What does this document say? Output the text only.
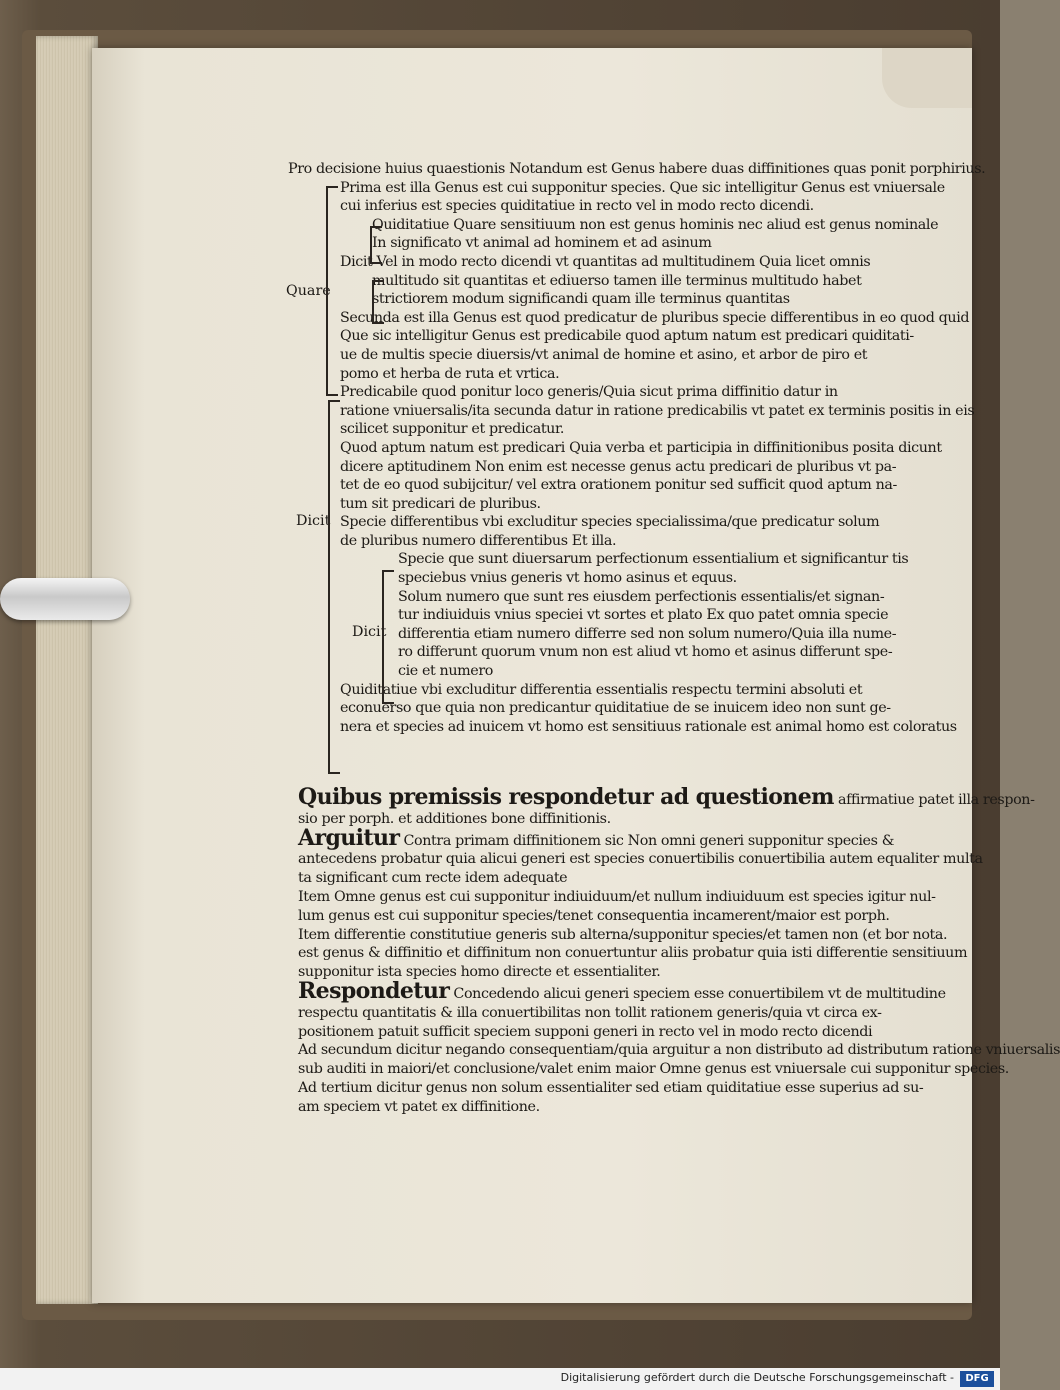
Pro decisione huius quaestionis Notandum est Genus habere duas diffinitiones quas ponit porphirius.
Prima est illa Genus est cui supponitur species. Que sic intelligitur Genus est vniuersale
cui inferius est species quiditatiue in recto vel in modo recto dicendi.
Quiditatiue Quare sensitiuum non est genus hominis nec aliud est genus nominale
In significato vt animal ad hominem et ad asinum
Dicit Vel in modo recto dicendi vt quantitas ad multitudinem Quia licet omnis
multitudo sit quantitas et ediuerso tamen ille terminus multitudo habet
strictiorem modum significandi quam ille terminus quantitas
Secunda est illa Genus est quod predicatur de pluribus specie differentibus in eo quod quid
Que sic intelligitur Genus est predicabile quod aptum natum est predicari quiditati-
ue de multis specie diuersis/vt animal de homine et asino, et arbor de piro et
pomo et herba de ruta et vrtica.
Predicabile quod ponitur loco generis/Quia sicut prima diffinitio datur in
ratione vniuersalis/ita secunda datur in ratione predicabilis vt patet ex terminis positis in eis
scilicet supponitur et predicatur.
Quod aptum natum est predicari Quia verba et participia in diffinitionibus posita dicunt
dicere aptitudinem Non enim est necesse genus actu predicari de pluribus vt pa-
tet de eo quod subijcitur/ vel extra orationem ponitur sed sufficit quod aptum na-
tum sit predicari de pluribus.
Specie differentibus vbi excluditur species specialissima/que predicatur solum
de pluribus numero differentibus Et illa.
Specie que sunt diuersarum perfectionum essentialium et significantur tis
speciebus vnius generis vt homo asinus et equus.
Solum numero que sunt res eiusdem perfectionis essentialis/et signan-
tur indiuiduis vnius speciei vt sortes et plato Ex quo patet omnia specie
differentia etiam numero differre sed non solum numero/Quia illa nume-
ro differunt quorum vnum non est aliud vt homo et asinus differunt spe-
cie et numero
Quiditatiue vbi excluditur differentia essentialis respectu termini absoluti et
econuerso que quia non predicantur quiditatiue de se inuicem ideo non sunt ge-
nera et species ad inuicem vt homo est sensitiuus rationale est animal homo est coloratus
Quare
Dicit
Dicit
Quibus premissis respondetur ad questionem affirmatiue patet illa respon-
sio per porph. et additiones bone diffinitionis.
Arguitur Contra primam diffinitionem sic Non omni generi supponitur species &
antecedens probatur quia alicui generi est species conuertibilis conuertibilia autem equaliter multa
ta significant cum recte idem adequate
Item Omne genus est cui supponitur indiuiduum/et nullum indiuiduum est species igitur nul-
lum genus est cui supponitur species/tenet consequentia incamerent/maior est porph.
Item differentie constitutiue generis sub alterna/supponitur species/et tamen non (et bor nota.
est genus & diffinitio et diffinitum non conuertuntur aliis probatur quia isti differentie sensitiuum
supponitur ista species homo directe et essentialiter.
Respondetur Concedendo alicui generi speciem esse conuertibilem vt de multitudine
respectu quantitatis & illa conuertibilitas non tollit rationem generis/quia vt circa ex-
positionem patuit sufficit speciem supponi generi in recto vel in modo recto dicendi
Ad secundum dicitur negando consequentiam/quia arguitur a non distributo ad distributum ratione vniuersalis
sub auditi in maiori/et conclusione/valet enim maior Omne genus est vniuersale cui supponitur species.
Ad tertium dicitur genus non solum essentialiter sed etiam quiditatiue esse superius ad su-
am speciem vt patet ex diffinitione.
Digitalisierung gefördert durch die Deutsche Forschungsgemeinschaft -	DFG
